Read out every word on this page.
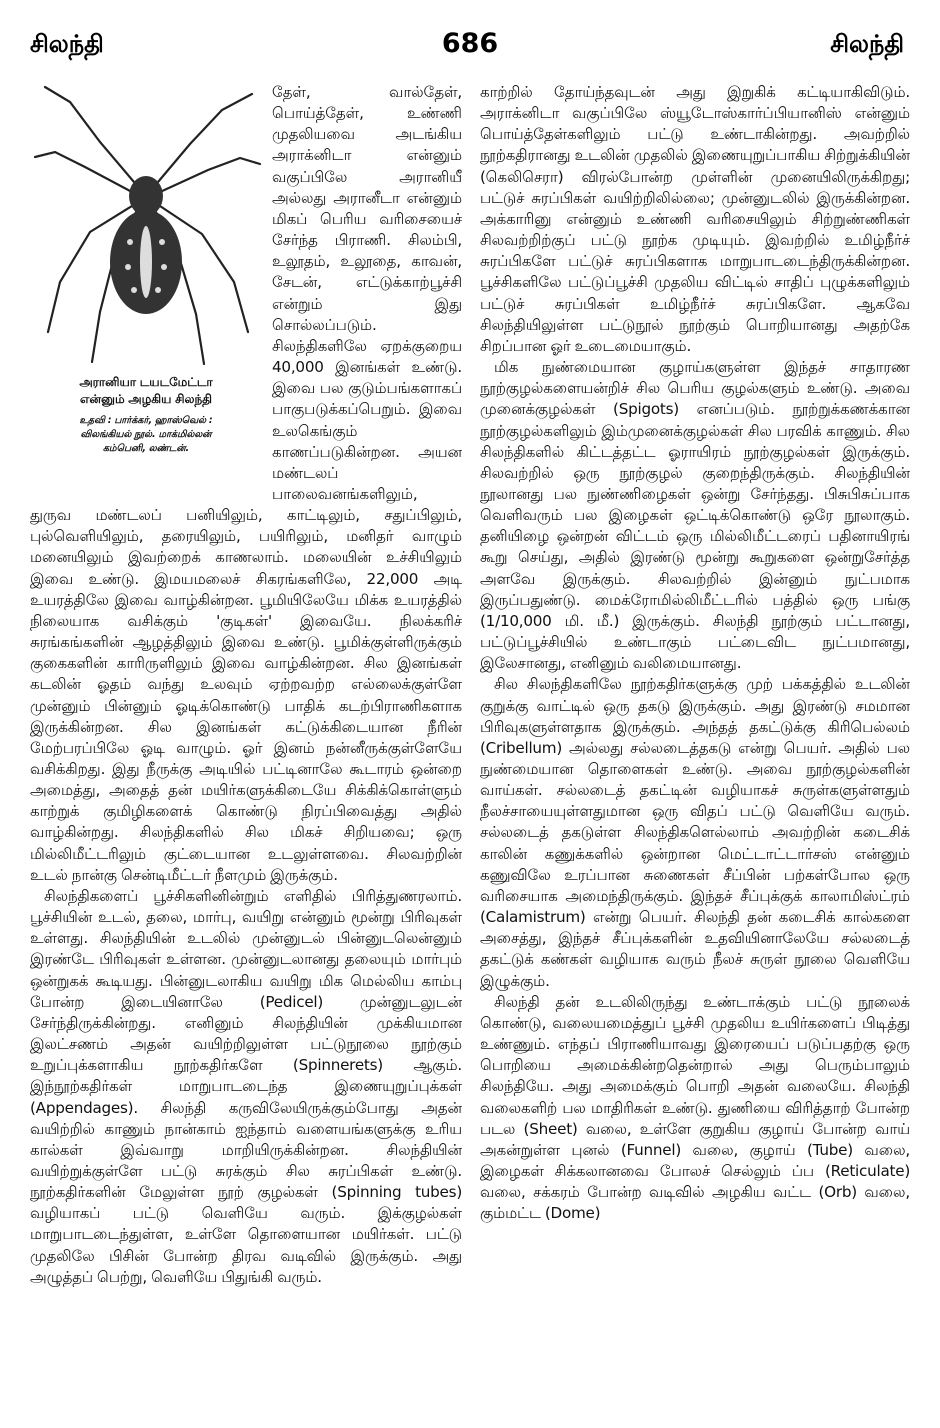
சிலந்தி	686	சிலந்தி
அரானியா டயடமேட்டா
என்னும் அழகிய சிலந்தி
உதவி : பார்க்கர், ஹாஸ்வெல் :
விலங்கியல் நூல். மாக்மில்லன்
கம்பெனி, லண்டன்.

தேள், வால்தேள், பொய்த்தேள், உண்ணி முதலியவை அடங்கிய அராக்னிடா என்னும் வகுப்பிலே அரானியீ அல்லது அரானீடா என்னும் மிகப் பெரிய வரிசையைச் சேர்ந்த பிராணி. சிலம்பி, உலூதம், உலூதை, காவன், சேடன், எட்டுக்காற்பூச்சி என்றும் இது சொல்லப்படும். சிலந்திகளிலே ஏறக்குறைய 40,000 இனங்கள் உண்டு. இவை பல குடும்பங்களாகப் பாகுபடுக்கப்பெறும். இவை உலகெங்கும் காணப்படுகின்றன. அயன மண்டலப் பாலைவனங்களிலும், துருவ மண்டலப் பனியிலும், காட்டிலும், சதுப்பிலும், புல்வெளியிலும், தரையிலும், பயிரிலும், மனிதர் வாழும் மனையிலும் இவற்றைக் காணலாம். மலையின் உச்சியிலும் இவை உண்டு. இமயமலைச் சிகரங்களிலே, 22,000 அடி உயரத்திலே இவை வாழ்கின்றன. பூமியிலேயே மிக்க உயரத்தில் நிலையாக வசிக்கும் 'குடிகள்' இவையே. நிலக்கரிச் சுரங்கங்களின் ஆழத்திலும் இவை உண்டு. பூமிக்குள்ளிருக்கும் குகைகளின் காரிருளிலும் இவை வாழ்கின்றன. சில இனங்கள் கடலின் ஓதம் வந்து உலவும் ஏற்றவற்ற எல்லைக்குள்ளே முன்னும் பின்னும் ஓடிக்கொண்டு பாதிக் கடற்பிராணிகளாக இருக்கின்றன. சில இனங்கள் கட்டுக்கிடையான நீரின் மேற்பரப்பிலே ஓடி வாழும். ஓர் இனம் நன்னீருக்குள்ளேயே வசிக்கிறது. இது நீருக்கு அடியில் பட்டினாலே கூடாரம் ஒன்றை அமைத்து, அதைத் தன் மயிர்களுக்கிடையே சிக்கிக்கொள்ளும் காற்றுக் குமிழிகளைக் கொண்டு நிரப்பிவைத்து அதில் வாழ்கின்றது. சிலந்திகளில் சில மிகச் சிறியவை; ஒரு மில்லிமீட்டரிலும் குட்டையான உடலுள்ளவை. சிலவற்றின் உடல் நான்கு சென்டிமீட்டர் நீளமும் இருக்கும்.

சிலந்திகளைப் பூச்சிகளினின்றும் எளிதில் பிரித்துணரலாம். பூச்சியின் உடல், தலை, மார்பு, வயிறு என்னும் மூன்று பிரிவுகள் உள்ளது. சிலந்தியின் உடலில் முன்னுடல் பின்னுடலென்னும் இரண்டே பிரிவுகள் உள்ளன. முன்னுடலானது தலையும் மார்பும் ஒன்றுகக் கூடியது. பின்னுடலாகிய வயிறு மிக மெல்லிய காம்பு போன்ற இடையினாலே (Pedicel) முன்னுடலுடன் சேர்ந்திருக்கின்றது. எனினும் சிலந்தியின் முக்கியமான இலட்சணம் அதன் வயிற்றிலுள்ள பட்டுநூலை நூற்கும் உறுப்புக்களாகிய நூற்கதிர்களே (Spinnerets) ஆகும். இந்நூற்கதிர்கள் மாறுபாடடைந்த இணையுறுப்புக்கள் (Appendages). சிலந்தி கருவிலேயிருக்கும்போது அதன் வயிற்றில் காணும் நான்காம் ஐந்தாம் வளையங்களுக்கு உரிய கால்கள் இவ்வாறு மாறியிருக்கின்றன. சிலந்தியின் வயிற்றுக்குள்ளே பட்டு சுரக்கும் சில சுரப்பிகள் உண்டு. நூற்கதிர்களின் மேலுள்ள நூற் குழல்கள் (Spinning tubes) வழியாகப் பட்டு வெளியே வரும். இக்குழல்கள் மாறுபாடடைந்துள்ள, உள்ளே தொளையான மயிர்கள். பட்டு முதலிலே பிசின் போன்ற திரவ வடிவில் இருக்கும். அது அழுத்தப் பெற்று, வெளியே பிதுங்கி வரும்.

காற்றில் தோய்ந்தவுடன் அது இறுகிக் கட்டியாகிவிடும். அராக்னிடா வகுப்பிலே ஸ்யூடோஸ்கார்ப்பியானிஸ் என்னும் பொய்த்தேள்களிலும் பட்டு உண்டாகின்றது. அவற்றில் நூற்கதிரானது உடலின் முதலில் இணையுறுப்பாகிய சிற்றுக்கியின் (கெலிசெரா) விரல்போன்ற முள்ளின் முனையிலிருக்கிறது; பட்டுச் சுரப்பிகள் வயிற்றிலில்லை; முன்னுடலில் இருக்கின்றன. அக்காரினு என்னும் உண்ணி வரிசையிலும் சிற்றுண்ணிகள் சிலவற்றிற்குப் பட்டு நூற்க முடியும். இவற்றில் உமிழ்நீர்ச் சுரப்பிகளே பட்டுச் சுரப்பிகளாக மாறுபாடடைந்திருக்கின்றன. பூச்சிகளிலே பட்டுப்பூச்சி முதலிய விட்டில் சாதிப் புழுக்களிலும் பட்டுச் சுரப்பிகள் உமிழ்நீர்ச் சுரப்பிகளே. ஆகவே சிலந்தியிலுள்ள பட்டுநூல் நூற்கும் பொறியானது அதற்கே சிறப்பான ஓர் உடைமையாகும்.

மிக நுண்மையான குழாய்களுள்ள இந்தச் சாதாரண நூற்குழல்களையன்றிச் சில பெரிய குழல்களும் உண்டு. அவை முனைக்குழல்கள் (Spigots) எனப்படும். நூற்றுக்கணக்கான நூற்குழல்களிலும் இம்முனைக்குழல்கள் சில பரவிக் காணும். சில சிலந்திகளில் கிட்டத்தட்ட ஓராயிரம் நூற்குழல்கள் இருக்கும். சிலவற்றில் ஒரு நூற்குழல் குறைந்திருக்கும். சிலந்தியின் நூலானது பல நுண்ணிழைகள் ஒன்று சேர்ந்தது. பிசுபிசுப்பாக வெளிவரும் பல இழைகள் ஒட்டிக்கொண்டு ஒரே நூலாகும். தனியிழை ஒன்றன் விட்டம் ஒரு மில்லிமீட்டரைப் பதினாயிரங் கூறு செய்து, அதில் இரண்டு மூன்று கூறுகளை ஒன்றுசேர்த்த அளவே இருக்கும். சிலவற்றில் இன்னும் நுட்பமாக இருப்பதுண்டு. மைக்ரோமில்லிமீட்டரில் பத்தில் ஒரு பங்கு (1/10,000 மி. மீ.) இருக்கும். சிலந்தி நூற்கும் பட்டானது, பட்டுப்பூச்சியில் உண்டாகும் பட்டைவிட நுட்பமானது, இலேசானது, எனினும் வலிமையானது.

சில சிலந்திகளிலே நூற்கதிர்களுக்கு முற் பக்கத்தில் உடலின் குறுக்கு வாட்டில் ஒரு தகடு இருக்கும். அது இரண்டு சமமான பிரிவுகளுள்ளதாக இருக்கும். அந்தத் தகட்டுக்கு கிரிபெல்லம் (Cribellum) அல்லது சல்லடைத்தகடு என்று பெயர். அதில் பல நுண்மையான தொளைகள் உண்டு. அவை நூற்குழல்களின் வாய்கள். சல்லடைத் தகட்டின் வழியாகச் சுருள்களுள்ளதும் நீலச்சாயையுள்ளதுமான ஒரு விதப் பட்டு வெளியே வரும். சல்லடைத் தகடுள்ள சிலந்திகளெல்லாம் அவற்றின் கடைசிக் காலின் கணுக்களில் ஒன்றான மெட்டாட்டார்சஸ் என்னும் கணுவிலே உரப்பான சுணைகள் சீப்பின் பற்கள்போல ஒரு வரிசையாக அமைந்திருக்கும். இந்தச் சீப்புக்குக் காலாமிஸ்ட்ரம் (Calamistrum) என்று பெயர். சிலந்தி தன் கடைசிக் கால்களை அசைத்து, இந்தச் சீப்புக்களின் உதவியினாலேயே சல்லடைத் தகட்டுக் கண்கள் வழியாக வரும் நீலச் சுருள் நூலை வெளியே இழுக்கும்.

சிலந்தி தன் உடலிலிருந்து உண்டாக்கும் பட்டு நூலைக் கொண்டு, வலையமைத்துப் பூச்சி முதலிய உயிர்களைப் பிடித்து உண்ணும். எந்தப் பிராணியாவது இரையைப் படுப்பதற்கு ஒரு பொறியை அமைக்கின்றதென்றால் அது பெரும்பாலும் சிலந்தியே. அது அமைக்கும் பொறி அதன் வலையே. சிலந்தி வலைகளிற் பல மாதிரிகள் உண்டு. துணியை விரித்தாற் போன்ற படல (Sheet) வலை, உள்ளே குறுகிய குழாய் போன்ற வாய் அகன்றுள்ள புனல் (Funnel) வலை, குழாய் (Tube) வலை, இழைகள் சிக்கலானவை போலச் செல்லும் ப்ப (Reticulate) வலை, சக்கரம் போன்ற வடிவில் அழகிய வட்ட (Orb) வலை, கும்மட்ட (Dome)
